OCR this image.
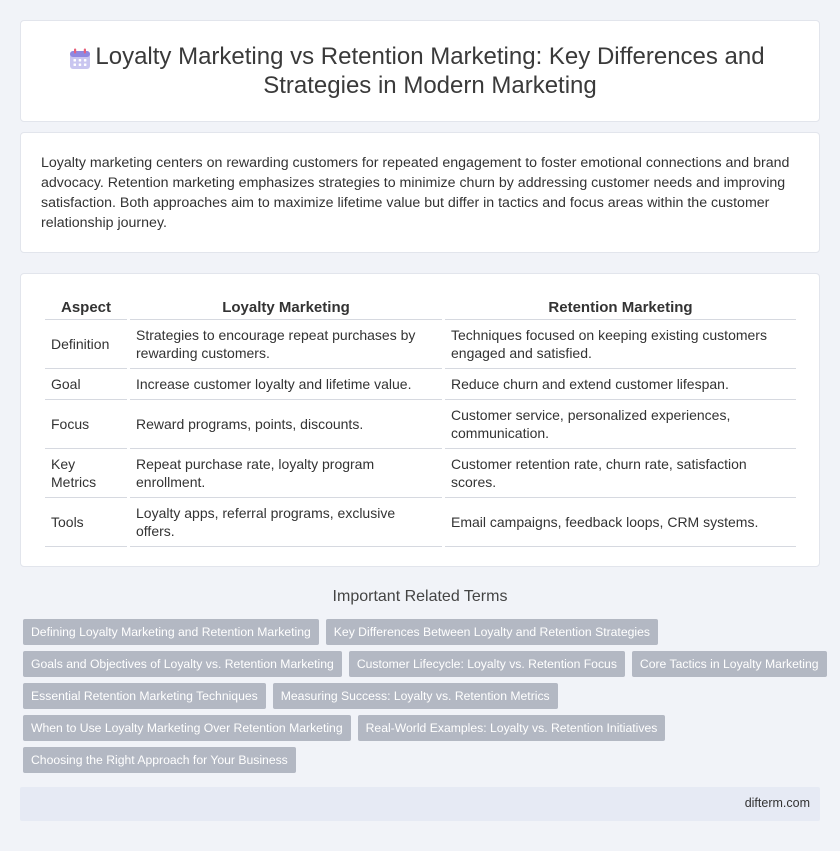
Loyalty Marketing vs Retention Marketing: Key Differences and Strategies in Modern Marketing

Loyalty marketing centers on rewarding customers for repeated engagement to foster emotional connections and brand advocacy. Retention marketing emphasizes strategies to minimize churn by addressing customer needs and improving satisfaction. Both approaches aim to maximize lifetime value but differ in tactics and focus areas within the customer relationship journey.

Aspect	Loyalty Marketing	Retention Marketing
Definition	Strategies to encourage repeat purchases by rewarding customers.	Techniques focused on keeping existing customers engaged and satisfied.
Goal	Increase customer loyalty and lifetime value.	Reduce churn and extend customer lifespan.
Focus	Reward programs, points, discounts.	Customer service, personalized experiences, communication.
Key Metrics	Repeat purchase rate, loyalty program enrollment.	Customer retention rate, churn rate, satisfaction scores.
Tools	Loyalty apps, referral programs, exclusive offers.	Email campaigns, feedback loops, CRM systems.
Important Related Terms
Defining Loyalty Marketing and Retention Marketing	Key Differences Between Loyalty and Retention Strategies
Goals and Objectives of Loyalty vs. Retention Marketing	Customer Lifecycle: Loyalty vs. Retention Focus	Core Tactics in Loyalty Marketing
Essential Retention Marketing Techniques	Measuring Success: Loyalty vs. Retention Metrics
When to Use Loyalty Marketing Over Retention Marketing	Real-World Examples: Loyalty vs. Retention Initiatives
Choosing the Right Approach for Your Business
difterm.com
